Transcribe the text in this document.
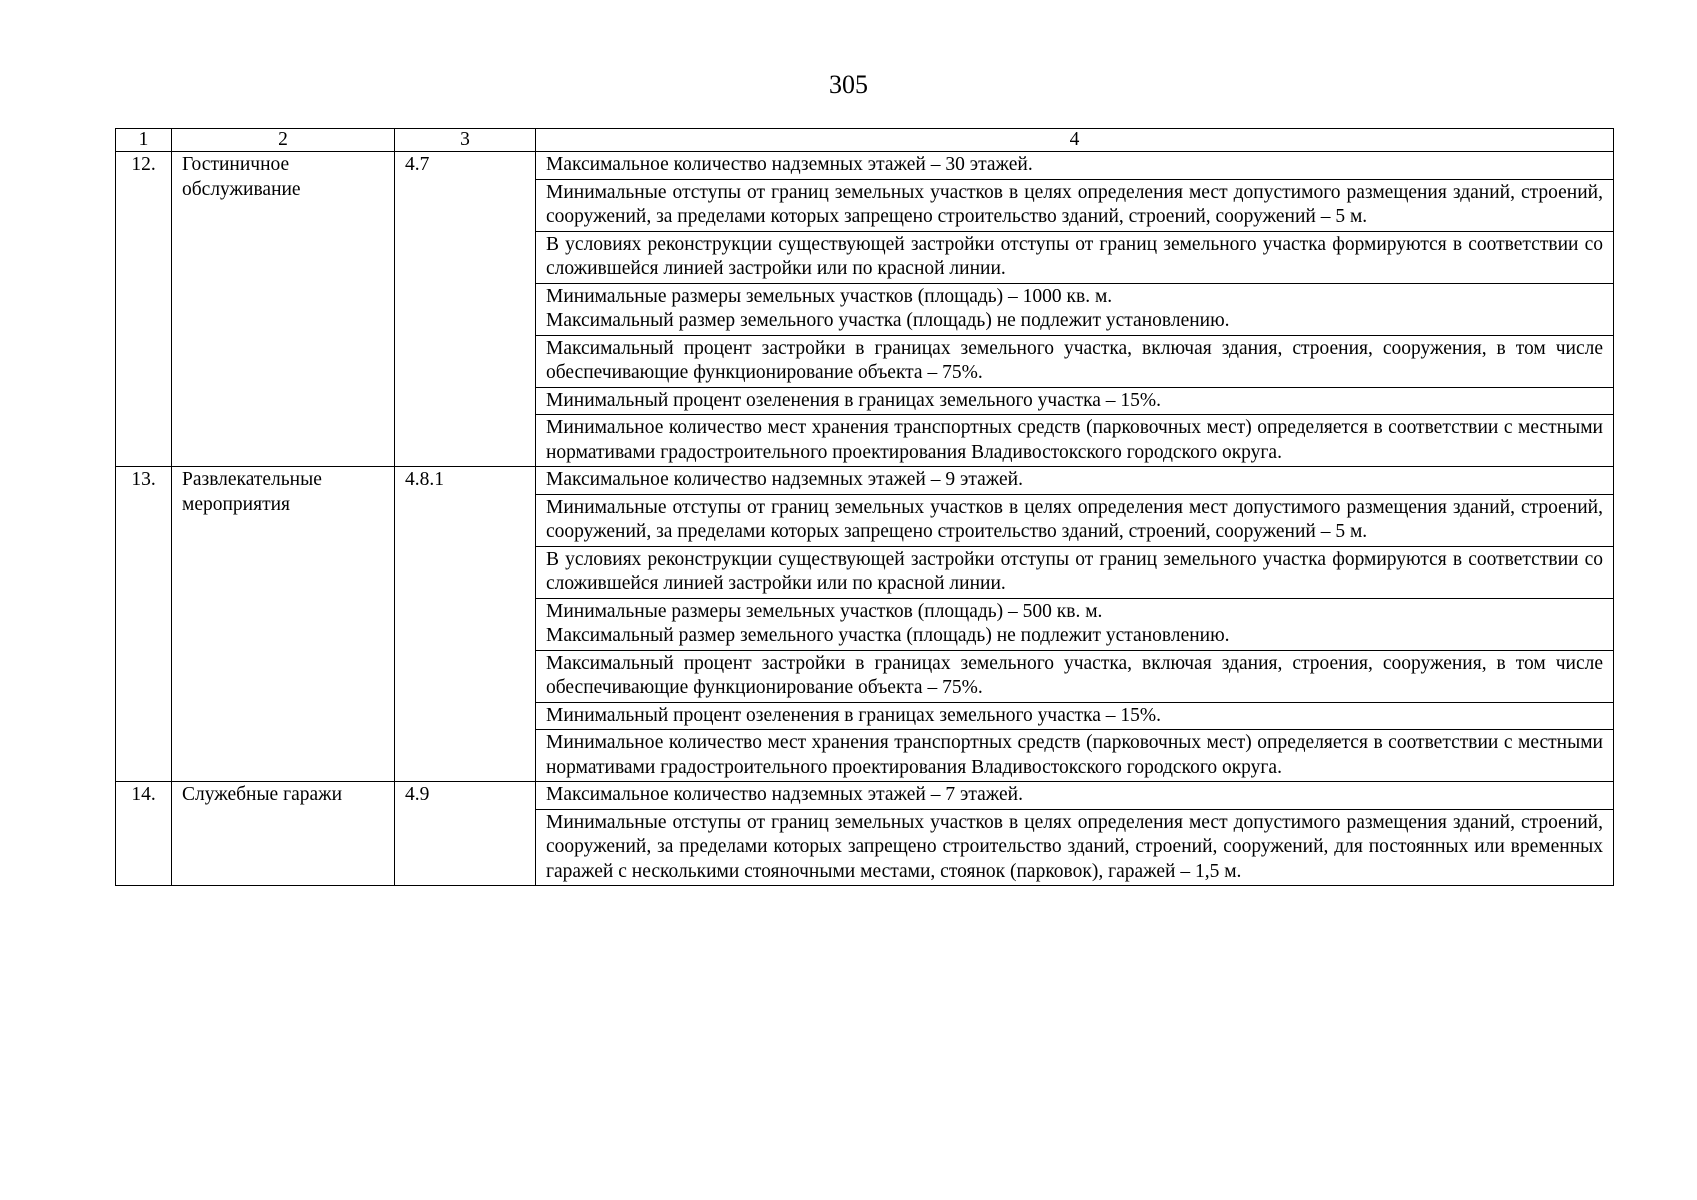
305
1	2	3	4
12.	Гостиничное обслуживание	4.7	Максимальное количество надземных этажей – 30 этажей.
			Минимальные отступы от границ земельных участков в целях определения мест допустимого размещения зданий, строений, сооружений, за пределами которых запрещено строительство зданий, строений, сооружений – 5 м.
			В условиях реконструкции существующей застройки отступы от границ земельного участка формируются в соответствии со сложившейся линией застройки или по красной линии.

			Минимальные размеры земельных участков (площадь) – 1000 кв. м.
Максимальный размер земельного участка (площадь) не подлежит установлению.

			Максимальный процент застройки в границах земельного участка, включая здания, строения, сооружения, в том числе обеспечивающие функционирование объекта – 75%.
			Минимальный процент озеленения в границах земельного участка – 15%.
			Минимальное количество мест хранения транспортных средств (парковочных мест) определяется в соответствии с местными нормативами градостроительного проектирования Владивостокского городского округа.
13.	Развлекательные мероприятия	4.8.1	Максимальное количество надземных этажей – 9 этажей.
			Минимальные отступы от границ земельных участков в целях определения мест допустимого размещения зданий, строений, сооружений, за пределами которых запрещено строительство зданий, строений, сооружений – 5 м.
			В условиях реконструкции существующей застройки отступы от границ земельного участка формируются в соответствии со сложившейся линией застройки или по красной линии.

			Минимальные размеры земельных участков (площадь) – 500 кв. м.
Максимальный размер земельного участка (площадь) не подлежит установлению.

			Максимальный процент застройки в границах земельного участка, включая здания, строения, сооружения, в том числе обеспечивающие функционирование объекта – 75%.
			Минимальный процент озеленения в границах земельного участка – 15%.
			Минимальное количество мест хранения транспортных средств (парковочных мест) определяется в соответствии с местными нормативами градостроительного проектирования Владивостокского городского округа.
14.	Служебные гаражи	4.9	Максимальное количество надземных этажей – 7 этажей.
			Минимальные отступы от границ земельных участков в целях определения мест допустимого размещения зданий, строений, сооружений, за пределами которых запрещено строительство зданий, строений, сооружений, для постоянных или временных гаражей с несколькими стояночными местами, стоянок (парковок), гаражей – 1,5 м.
